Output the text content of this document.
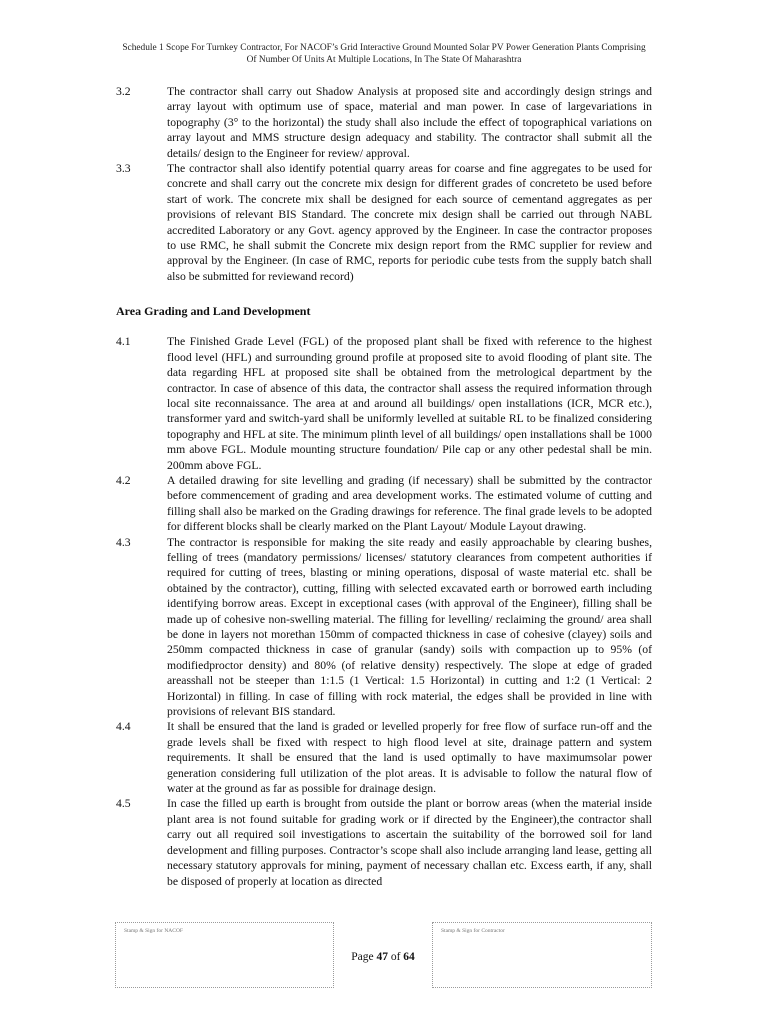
Schedule 1 Scope For Turnkey Contractor, For NACOF’s Grid Interactive Ground Mounted Solar PV Power Generation Plants Comprising
Of Number Of Units At Multiple Locations, In The State Of Maharashtra
3.2	The contractor shall carry out Shadow Analysis at proposed site and accordingly design strings and array layout with optimum use of space, material and man power. In case of largevariations in topography (3° to the horizontal) the study shall also include the effect of topographical variations on array layout and MMS structure design adequacy and stability. The contractor shall submit all the details/ design to the Engineer for review/ approval.
3.3	The contractor shall also identify potential quarry areas for coarse and fine aggregates to be used for concrete and shall carry out the concrete mix design for different grades of concreteto be used before start of work. The concrete mix shall be designed for each source of cementand aggregates as per provisions of relevant BIS Standard. The concrete mix design shall be carried out through NABL accredited Laboratory or any Govt. agency approved by the Engineer. In case the contractor proposes to use RMC, he shall submit the Concrete mix design report from the RMC supplier for review and approval by the Engineer. (In case of RMC, reports for periodic cube tests from the supply batch shall also be submitted for reviewand record)
Area Grading and Land Development
4.1	The Finished Grade Level (FGL) of the proposed plant shall be fixed with reference to the highest flood level (HFL) and surrounding ground profile at proposed site to avoid flooding of plant site. The data regarding HFL at proposed site shall be obtained from the metrological department by the contractor. In case of absence of this data, the contractor shall assess the required information through local site reconnaissance. The area at and around all buildings/ open installations (ICR, MCR etc.), transformer yard and switch-yard shall be uniformly levelled at suitable RL to be finalized considering topography and HFL at site. The minimum plinth level of all buildings/ open installations shall be 1000 mm above FGL. Module mounting structure foundation/ Pile cap or any other pedestal shall be min. 200mm above FGL.
4.2	A detailed drawing for site levelling and grading (if necessary) shall be submitted by the contractor before commencement of grading and area development works. The estimated volume of cutting and filling shall also be marked on the Grading drawings for reference. The final grade levels to be adopted for different blocks shall be clearly marked on the Plant Layout/ Module Layout drawing.
4.3	The contractor is responsible for making the site ready and easily approachable by clearing bushes, felling of trees (mandatory permissions/ licenses/ statutory clearances from competent authorities if required for cutting of trees, blasting or mining operations, disposal of waste material etc. shall be obtained by the contractor), cutting, filling with selected excavated earth or borrowed earth including identifying borrow areas. Except in exceptional cases (with approval of the Engineer), filling shall be made up of cohesive non-swelling material. The filling for levelling/ reclaiming the ground/ area shall be done in layers not morethan 150mm of compacted thickness in case of cohesive (clayey) soils and 250mm compacted thickness in case of granular (sandy) soils with compaction up to 95% (of modifiedproctor density) and 80% (of relative density) respectively. The slope at edge of graded areasshall not be steeper than 1:1.5 (1 Vertical: 1.5 Horizontal) in cutting and 1:2 (1 Vertical: 2 Horizontal) in filling. In case of filling with rock material, the edges shall be provided in line with provisions of relevant BIS standard.
4.4	It shall be ensured that the land is graded or levelled properly for free flow of surface run-off and the grade levels shall be fixed with respect to high flood level at site, drainage pattern and system requirements. It shall be ensured that the land is used optimally to have maximumsolar power generation considering full utilization of the plot areas. It is advisable to follow the natural flow of water at the ground as far as possible for drainage design.
4.5	In case the filled up earth is brought from outside the plant or borrow areas (when the material inside plant area is not found suitable for grading work or if directed by the Engineer),the contractor shall carry out all required soil investigations to ascertain the suitability of the borrowed soil for land development and filling purposes. Contractor’s scope shall also include arranging land lease, getting all necessary statutory approvals for mining, payment of necessary challan etc. Excess earth, if any, shall be disposed of properly at location as directed
Stamp & Sign for NACOF	Stamp & Sign for Contractor
Page 47 of 64
